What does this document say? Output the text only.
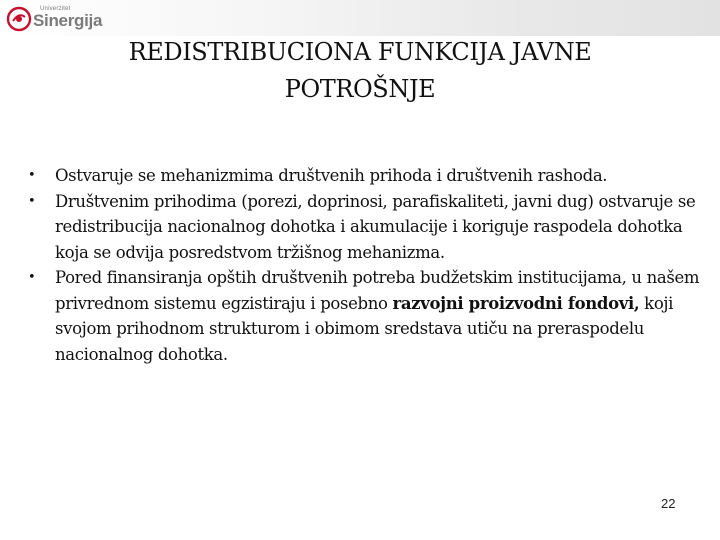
Univerzitet
Sinergija
REDISTRIBUCIONA FUNKCIJA JAVNE
POTROŠNJE
• Ostvaruje se mehanizmima društvenih prihoda i društvenih rashoda.
• Društvenim prihodima (porezi, doprinosi, parafiskaliteti, javni dug) ostvaruje se redistribucija nacionalnog dohotka i akumulacije i koriguje raspodela dohotka koja se odvija posredstvom tržišnog mehanizma.
• Pored finansiranja opštih društvenih potreba budžetskim institucijama, u našem privrednom sistemu egzistiraju i posebno razvojni proizvodni fondovi, koji svojom prihodnom strukturom i obimom sredstava utiču na preraspodelu nacionalnog dohotka.
22
